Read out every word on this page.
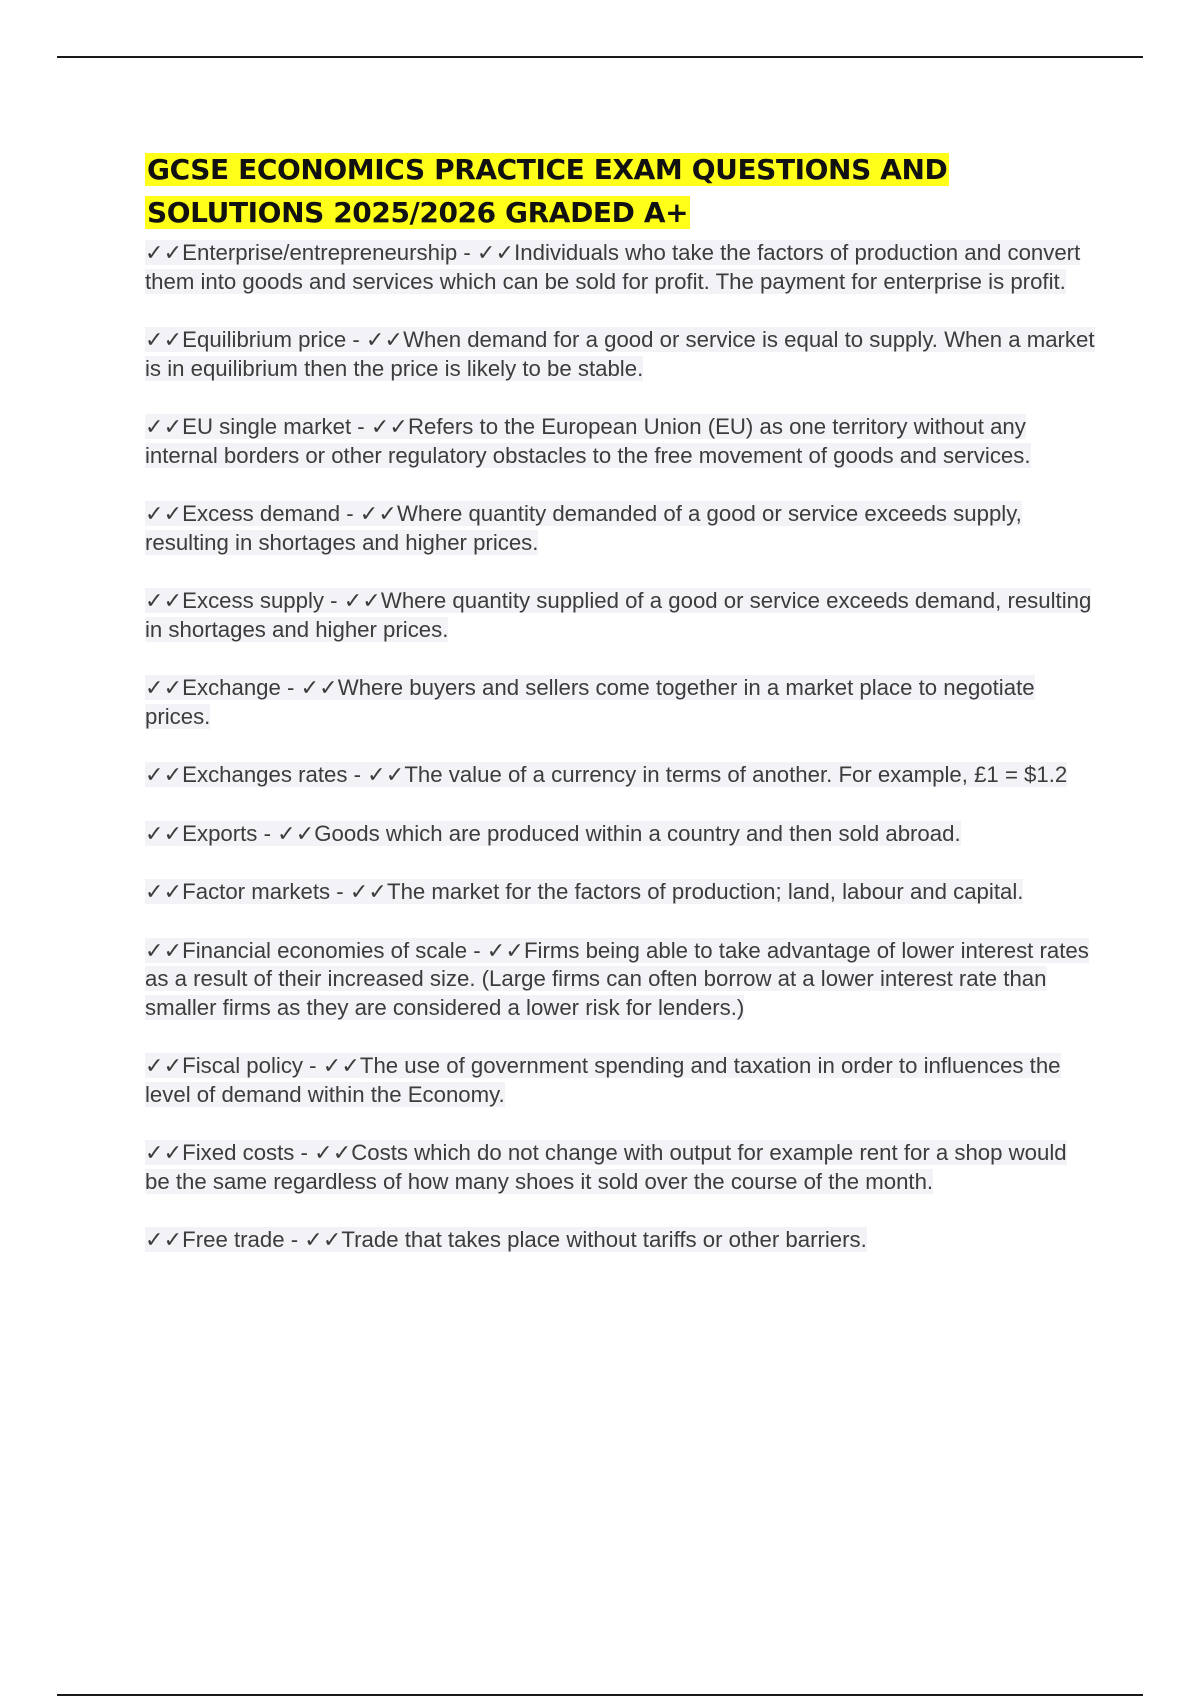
GCSE ECONOMICS PRACTICE EXAM QUESTIONS AND SOLUTIONS 2025/2026 GRADED A+

✓✓Enterprise/entrepreneurship - ✓✓Individuals who take the factors of production and convert them into goods and services which can be sold for profit. The payment for enterprise is profit.

✓✓Equilibrium price - ✓✓When demand for a good or service is equal to supply. When a market is in equilibrium then the price is likely to be stable.

✓✓EU single market - ✓✓Refers to the European Union (EU) as one territory without any internal borders or other regulatory obstacles to the free movement of goods and services.

✓✓Excess demand - ✓✓Where quantity demanded of a good or service exceeds supply, resulting in shortages and higher prices.

✓✓Excess supply - ✓✓Where quantity supplied of a good or service exceeds demand, resulting in shortages and higher prices.

✓✓Exchange - ✓✓Where buyers and sellers come together in a market place to negotiate prices.

✓✓Exchanges rates - ✓✓The value of a currency in terms of another. For example, £1 = $1.2

✓✓Exports - ✓✓Goods which are produced within a country and then sold abroad.

✓✓Factor markets - ✓✓The market for the factors of production; land, labour and capital.

✓✓Financial economies of scale - ✓✓Firms being able to take advantage of lower interest rates as a result of their increased size. (Large firms can often borrow at a lower interest rate than smaller firms as they are considered a lower risk for lenders.)

✓✓Fiscal policy - ✓✓The use of government spending and taxation in order to influences the level of demand within the Economy.

✓✓Fixed costs - ✓✓Costs which do not change with output for example rent for a shop would be the same regardless of how many shoes it sold over the course of the month.

✓✓Free trade - ✓✓Trade that takes place without tariffs or other barriers.
